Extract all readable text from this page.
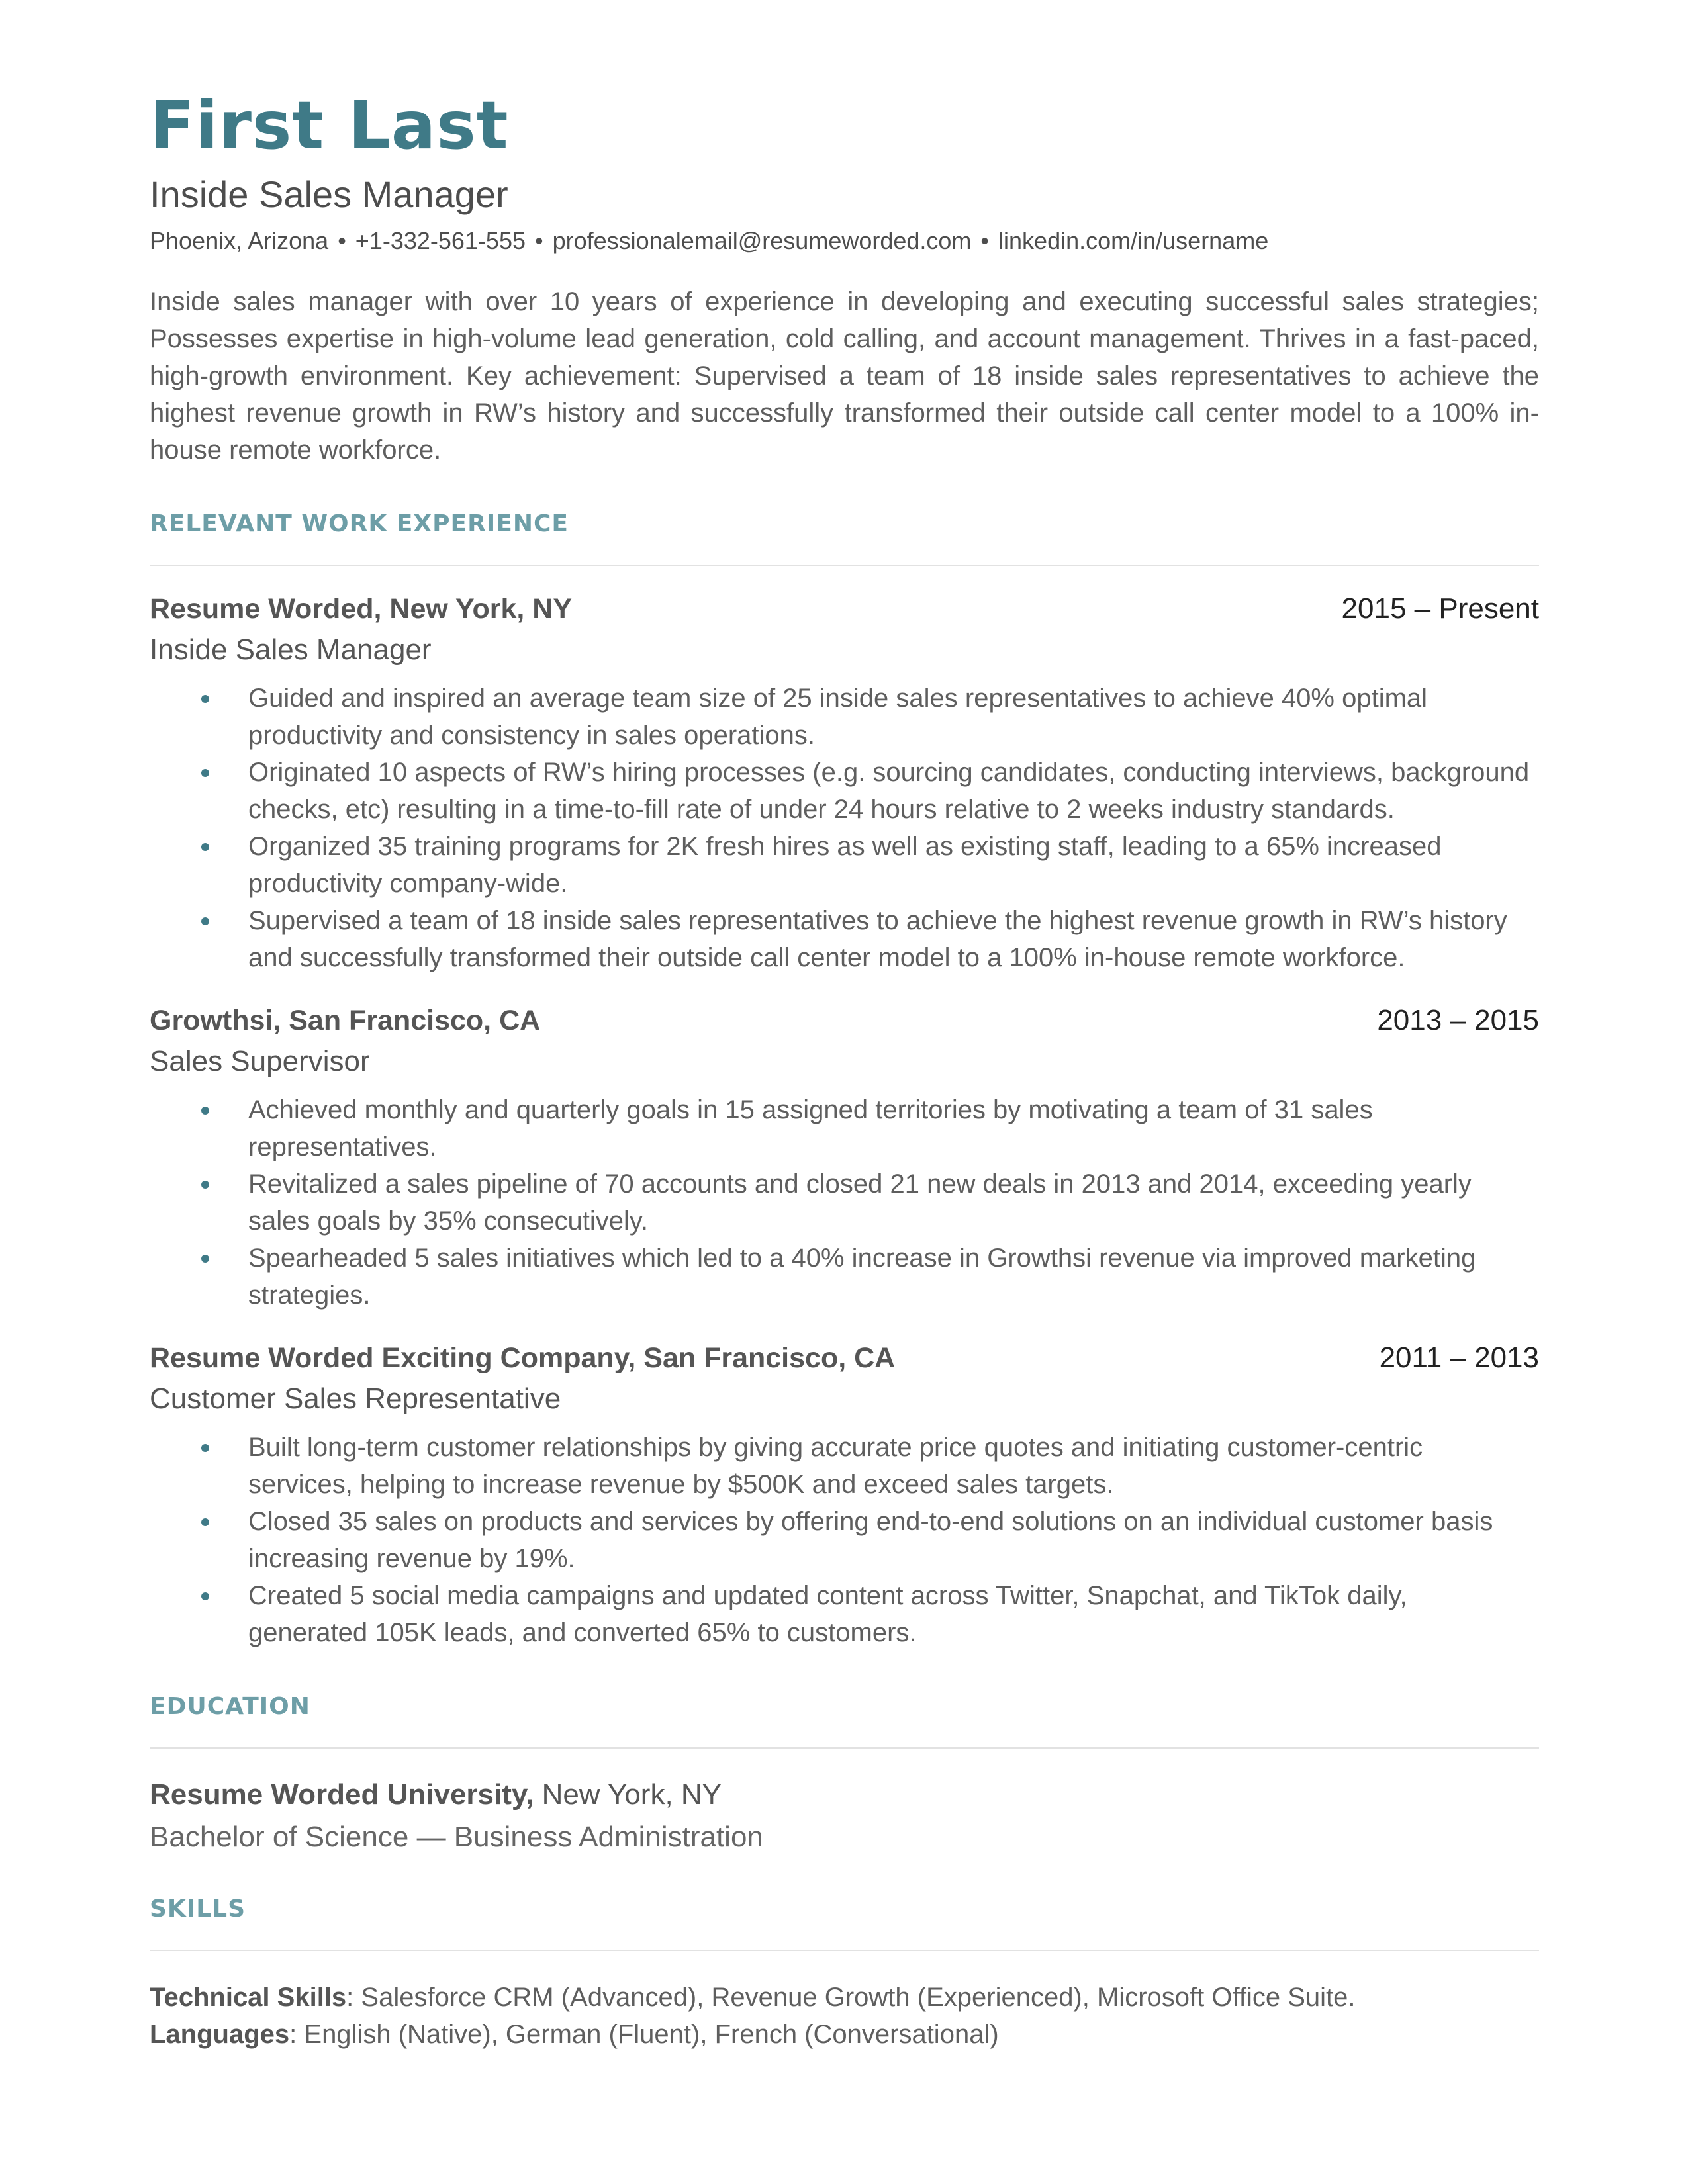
First Last
Inside Sales Manager
Phoenix, Arizona • +1-332-561-555 • professionalemail@resumeworded.com • linkedin.com/in/username

Inside sales manager with over 10 years of experience in developing and executing successful sales strategies; Possesses expertise in high-volume lead generation, cold calling, and account management. Thrives in a fast-paced, high-growth environment. Key achievement: Supervised a team of 18 inside sales representatives to achieve the highest revenue growth in RW’s history and successfully transformed their outside call center model to a 100% in-house remote workforce.

RELEVANT WORK EXPERIENCE
Resume Worded, New York, NY	2015 – Present
Inside Sales Manager
Guided and inspired an average team size of 25 inside sales representatives to achieve 40% optimal productivity and consistency in sales operations.
Originated 10 aspects of RW’s hiring processes (e.g. sourcing candidates, conducting interviews, background checks, etc) resulting in a time-to-fill rate of under 24 hours relative to 2 weeks industry standards.
Organized 35 training programs for 2K fresh hires as well as existing staff, leading to a 65% increased productivity company-wide.
Supervised a team of 18 inside sales representatives to achieve the highest revenue growth in RW’s history and successfully transformed their outside call center model to a 100% in-house remote workforce.
Growthsi, San Francisco, CA	2013 – 2015
Sales Supervisor
Achieved monthly and quarterly goals in 15 assigned territories by motivating a team of 31 sales representatives.
Revitalized a sales pipeline of 70 accounts and closed 21 new deals in 2013 and 2014, exceeding yearly sales goals by 35% consecutively.
Spearheaded 5 sales initiatives which led to a 40% increase in Growthsi revenue via improved marketing strategies.
Resume Worded Exciting Company, San Francisco, CA	2011 – 2013
Customer Sales Representative
Built long-term customer relationships by giving accurate price quotes and initiating customer-centric services, helping to increase revenue by $500K and exceed sales targets.
Closed 35 sales on products and services by offering end-to-end solutions on an individual customer basis increasing revenue by 19%.
Created 5 social media campaigns and updated content across Twitter, Snapchat, and TikTok daily, generated 105K leads, and converted 65% to customers.
EDUCATION
Resume Worded University, New York, NY
Bachelor of Science — Business Administration
SKILLS
Technical Skills: Salesforce CRM (Advanced), Revenue Growth (Experienced), Microsoft Office Suite.
Languages: English (Native), German (Fluent), French (Conversational)
